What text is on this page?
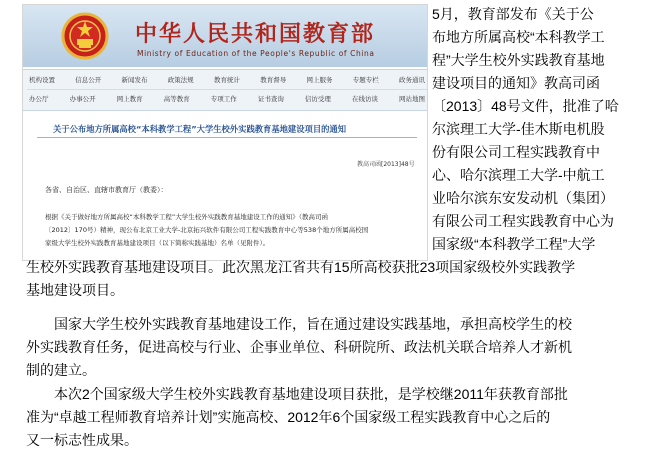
中华人民共和国教育部
Ministry of Education of the People's Republic of China
机构设置	信息公开	新闻发布	政策法规	教育统计	教育督导	网上服务	专题专栏	政务通讯
办公厅	办事公开	网上教育	高等教育	专项工作	证书查询	信访受理	在线访谈	网站地图
关于公布地方所属高校“本科教学工程”大学生校外实践教育基地建设项目的通知
教高司函[2013]48号
各省、自治区、直辖市教育厅（教委）：
根据《关于做好地方所属高校“本科教学工程”大学生校外实践教育基地建设工作的通知》（教高司函
〔2012〕170号）精神，现公布北京工业大学-北京拓兴软件有限公司工程实践教育中心等538个地方所属高校国
家级大学生校外实践教育基地建设项目（以下简称实践基地）名单（见附件）。
5月，教育部发布《关于公
布地方所属高校“本科教学工
程”大学生校外实践教育基地
建设项目的通知》教高司函
〔2013〕48号文件，批准了哈
尔滨理工大学-佳木斯电机股
份有限公司工程实践教育中
心、哈尔滨理工大学-中航工
业哈尔滨东安发动机（集团）
有限公司工程实践教育中心为
国家级“本科教学工程”大学
生校外实践教育基地建设项目。此次黑龙江省共有15所高校获批23项国家级校外实践教学
基地建设项目。
　　国家大学生校外实践教育基地建设工作，旨在通过建设实践基地，承担高校学生的校
外实践教育任务，促进高校与行业、企事业单位、科研院所、政法机关联合培养人才新机
制的建立。
　　本次2个国家级大学生校外实践教育基地建设项目获批，是学校继2011年获教育部批
准为“卓越工程师教育培养计划”实施高校、2012年6个国家级工程实践教育中心之后的
又一标志性成果。
